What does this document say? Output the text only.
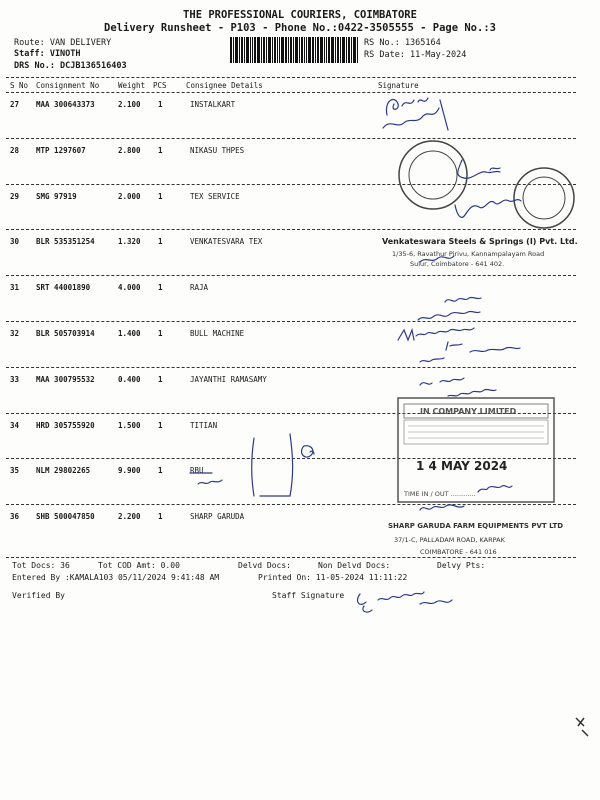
THE PROFESSIONAL COURIERS, COIMBATORE
Delivery Runsheet - P103 - Phone No.:0422-3505555 - Page No.:3
Route: VAN DELIVERY
Staff: VINOTH
DRS No.: DCJB136516403
RS No.: 1365164
RS Date: 11-May-2024
S No Consignment No	Weight PCS	Consignee Details	Signature
27 MAA 300643373	2.100 1	INSTALKART
28 MTP 1297607	2.800 1	NIKASU THPES
29 SMG 97919	2.000 1	TEX SERVICE
30 BLR 535351254	1.320 1	VENKATESVARA TEX
31 SRT 44001890	4.000 1	RAJA
32 BLR 505703914	1.400 1	BULL MACHINE
33 MAA 300795532	0.400 1	JAYANTHI RAMASAMY
34 HRD 305755920	1.500 1	TITIAN
35 NLM 29802265	9.900 1	RBU
36 SHB 500047850	2.200 1	SHARP GARUDA
Venkateswara Steels & Springs (I) Pvt. Ltd.
1/35-6, Ravathur Pirivu, Kannampalayam Road
Sulur, Coimbatore - 641 402.
IN COMPANY LIMITED
1 4 MAY 2024
TIME IN / OUT ............
SHARP GARUDA FARM EQUIPMENTS PVT LTD
37/1-C, PALLADAM ROAD, KARPAK
COIMBATORE - 641 016
Tot Docs: 36	Tot COD Amt: 0.00	Delvd Docs:	Non Delvd Docs:	Delvy Pts:
Entered By :KAMALA103 05/11/2024 9:41:48 AM	Printed On: 11-05-2024 11:11:22
Verified By	Staff Signature
